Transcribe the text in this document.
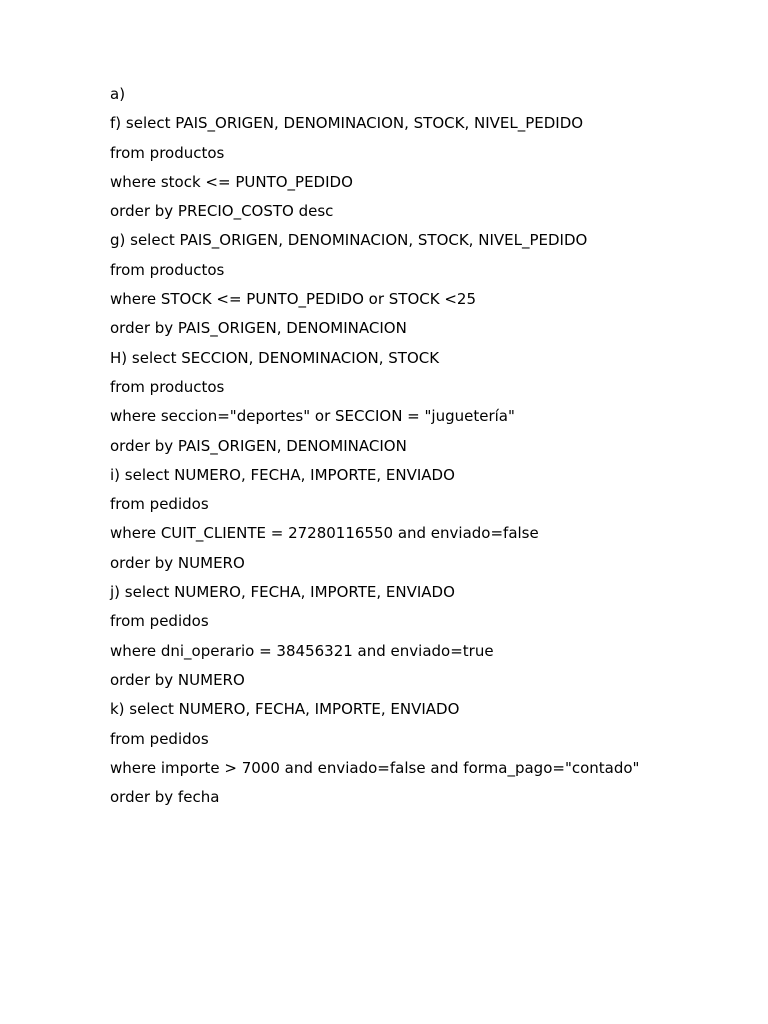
a)
f) select PAIS_ORIGEN, DENOMINACION, STOCK, NIVEL_PEDIDO
from productos
where stock <= PUNTO_PEDIDO
order by PRECIO_COSTO desc
g) select PAIS_ORIGEN, DENOMINACION, STOCK, NIVEL_PEDIDO
from productos
where STOCK <= PUNTO_PEDIDO or STOCK <25
order by PAIS_ORIGEN, DENOMINACION
H) select SECCION, DENOMINACION, STOCK
from productos
where seccion="deportes" or SECCION = "juguetería"
order by PAIS_ORIGEN, DENOMINACION
i) select NUMERO, FECHA, IMPORTE, ENVIADO
from pedidos
where CUIT_CLIENTE = 27280116550 and enviado=false
order by NUMERO
j) select NUMERO, FECHA, IMPORTE, ENVIADO
from pedidos
where dni_operario = 38456321 and enviado=true
order by NUMERO
k) select NUMERO, FECHA, IMPORTE, ENVIADO
from pedidos
where importe > 7000 and enviado=false and forma_pago="contado"
order by fecha
